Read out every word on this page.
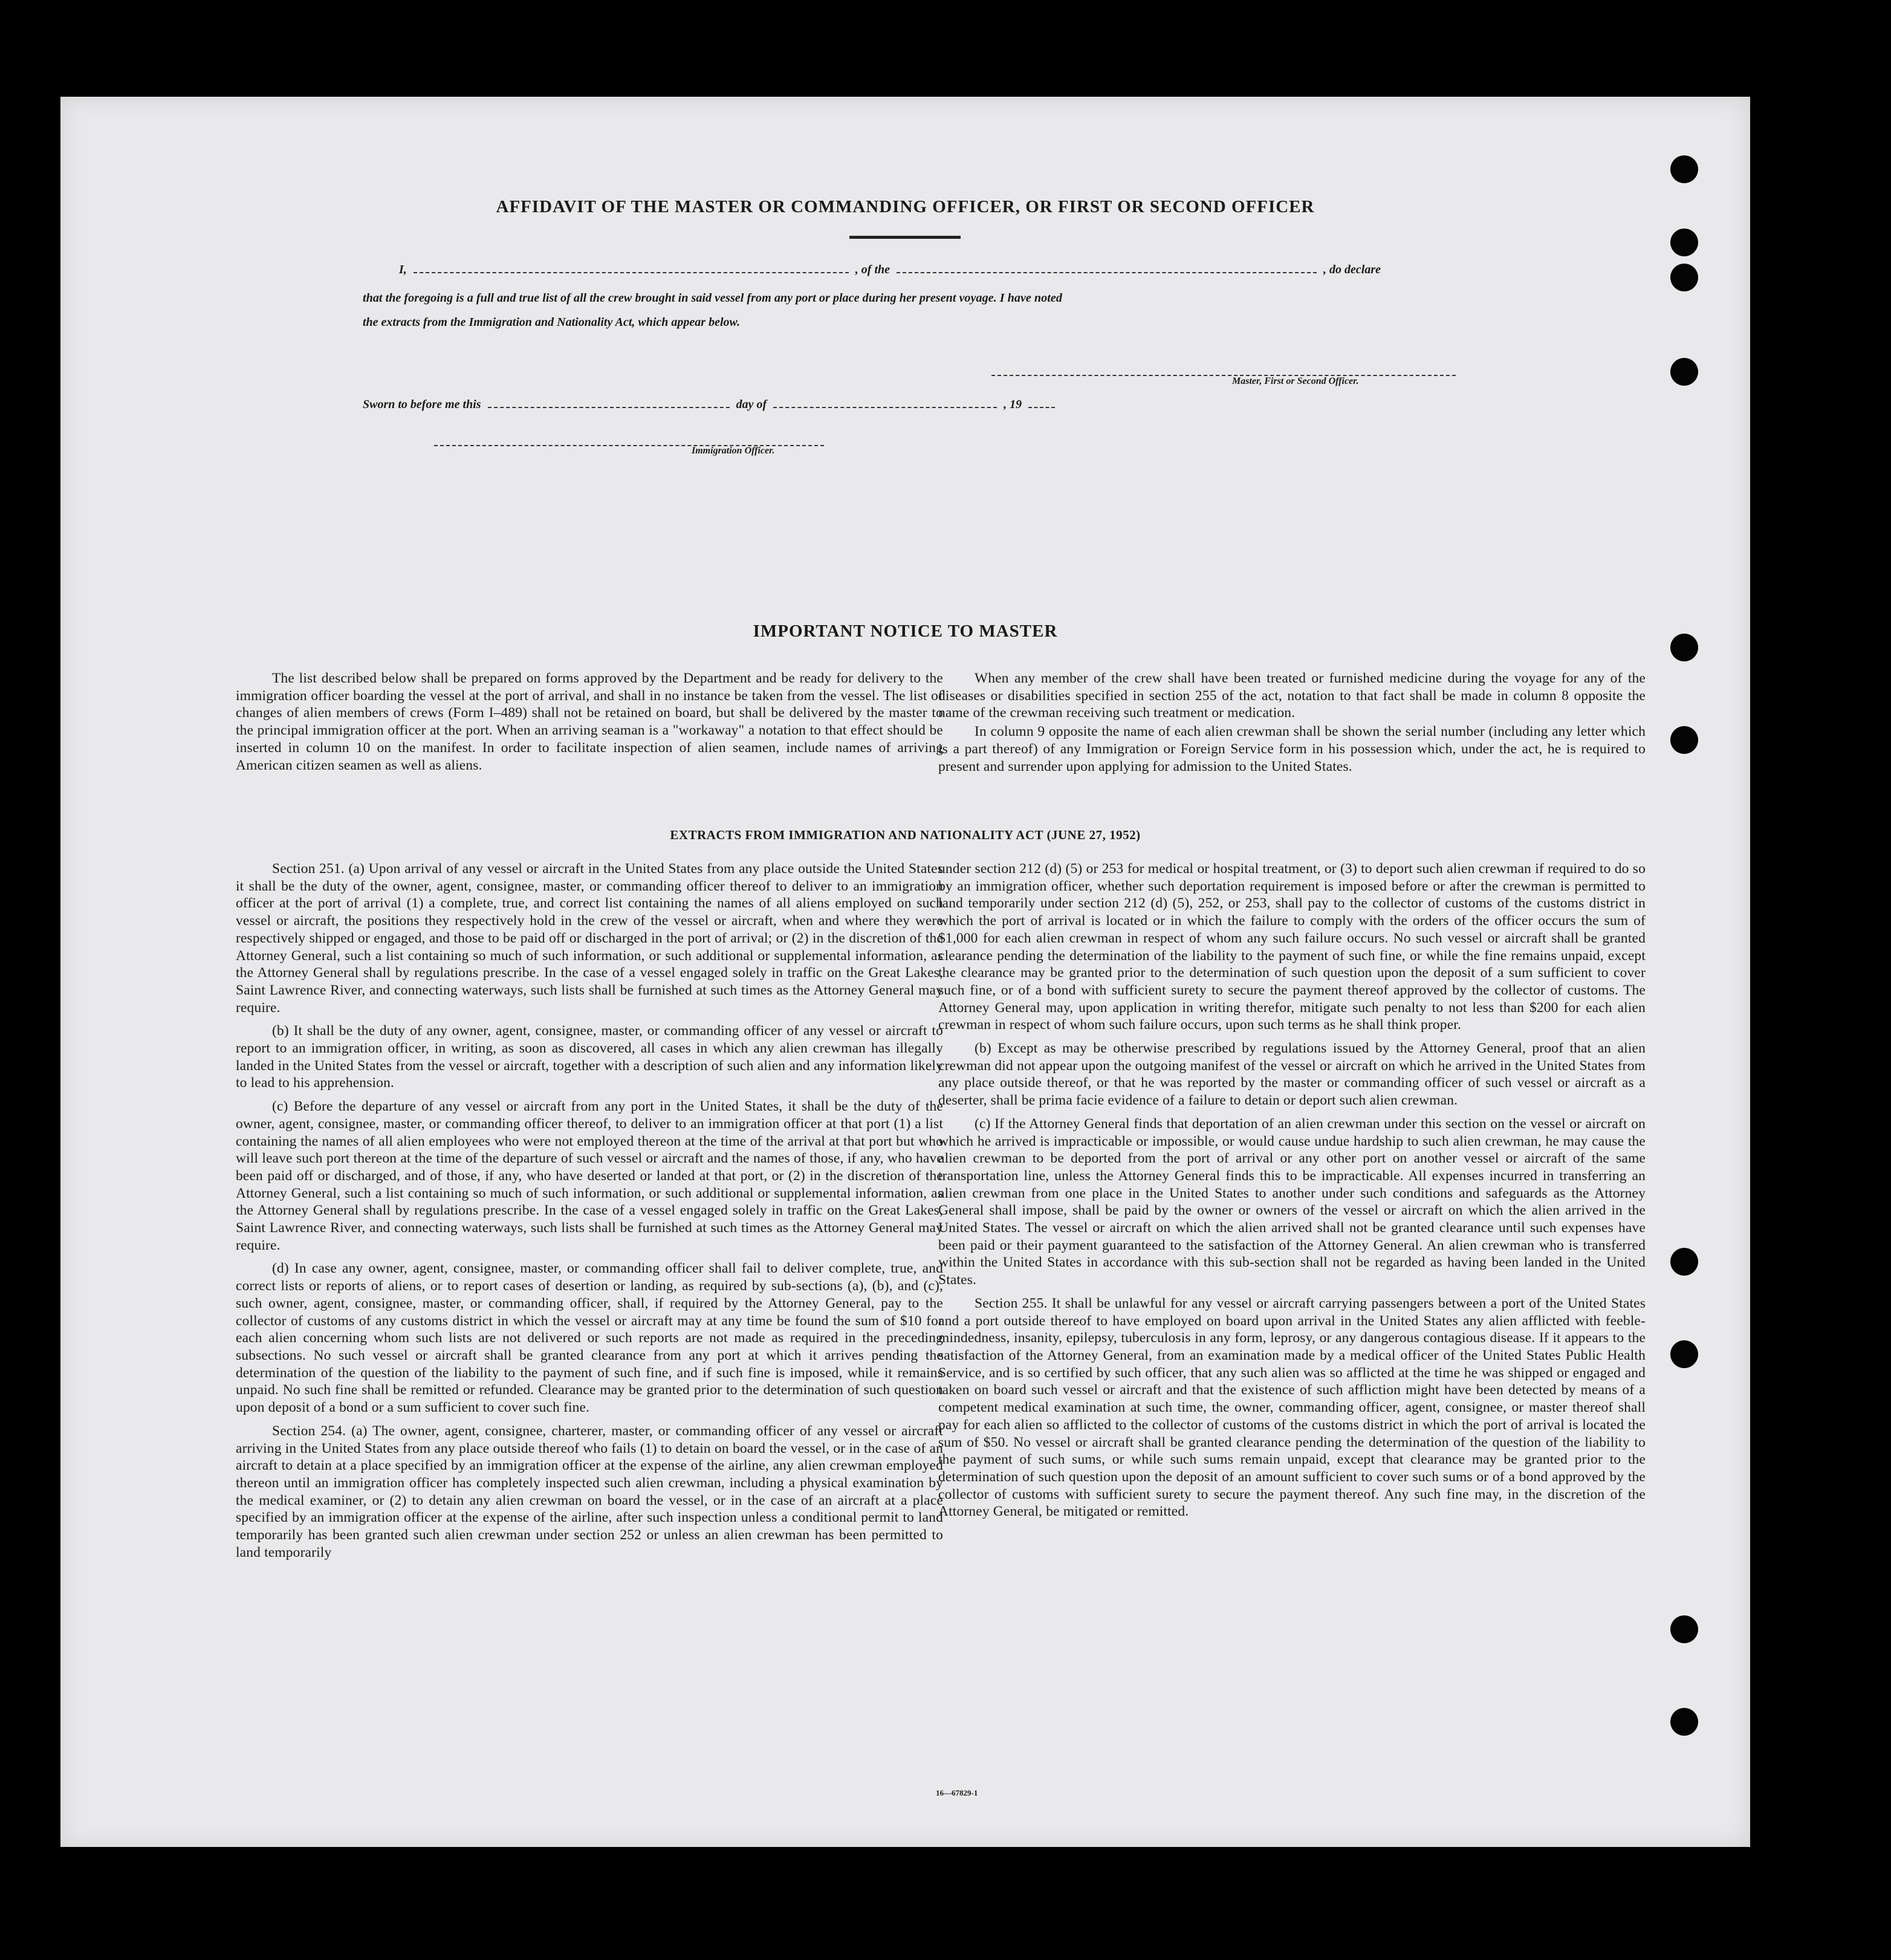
AFFIDAVIT OF THE MASTER OR COMMANDING OFFICER, OR FIRST OR SECOND OFFICER
I,	, of the	, do declare
that the foregoing is a full and true list of all the crew brought in said vessel from any port or place during her present voyage. I have noted
the extracts from the Immigration and Nationality Act, which appear below.
Master, First or Second Officer.
Sworn to before me this	day of	, 19
Immigration Officer.
IMPORTANT NOTICE TO MASTER

The list described below shall be prepared on forms approved by the Department and be ready for delivery to the immigration officer boarding the vessel at the port of arrival, and shall in no instance be taken from the vessel. The list of changes of alien members of crews (Form I–489) shall not be retained on board, but shall be delivered by the master to the principal immigration officer at the port. When an arriving seaman is a "workaway" a notation to that effect should be inserted in column 10 on the manifest. In order to facilitate inspection of alien seamen, include names of arriving American citizen seamen as well as aliens.

When any member of the crew shall have been treated or furnished medicine during the voyage for any of the diseases or disabilities specified in section 255 of the act, notation to that fact shall be made in column 8 opposite the name of the crewman receiving such treatment or medication.

In column 9 opposite the name of each alien crewman shall be shown the serial number (including any letter which is a part thereof) of any Immigration or Foreign Service form in his possession which, under the act, he is required to present and surrender upon applying for admission to the United States.

EXTRACTS FROM IMMIGRATION AND NATIONALITY ACT (JUNE 27, 1952)

Section 251. (a) Upon arrival of any vessel or aircraft in the United States from any place outside the United States it shall be the duty of the owner, agent, consignee, master, or commanding officer thereof to deliver to an immigration officer at the port of arrival (1) a complete, true, and correct list containing the names of all aliens employed on such vessel or aircraft, the positions they respectively hold in the crew of the vessel or aircraft, when and where they were respectively shipped or engaged, and those to be paid off or discharged in the port of arrival; or (2) in the discretion of the Attorney General, such a list containing so much of such information, or such additional or supplemental information, as the Attorney General shall by regulations prescribe. In the case of a vessel engaged solely in traffic on the Great Lakes, Saint Lawrence River, and connecting waterways, such lists shall be furnished at such times as the Attorney General may require.

(b) It shall be the duty of any owner, agent, consignee, master, or commanding officer of any vessel or aircraft to report to an immigration officer, in writing, as soon as discovered, all cases in which any alien crewman has illegally landed in the United States from the vessel or aircraft, together with a description of such alien and any information likely to lead to his apprehension.

(c) Before the departure of any vessel or aircraft from any port in the United States, it shall be the duty of the owner, agent, consignee, master, or commanding officer thereof, to deliver to an immigration officer at that port (1) a list containing the names of all alien employees who were not employed thereon at the time of the arrival at that port but who will leave such port thereon at the time of the departure of such vessel or aircraft and the names of those, if any, who have been paid off or discharged, and of those, if any, who have deserted or landed at that port, or (2) in the discretion of the Attorney General, such a list containing so much of such information, or such additional or supplemental information, as the Attorney General shall by regulations prescribe. In the case of a vessel engaged solely in traffic on the Great Lakes, Saint Lawrence River, and connecting waterways, such lists shall be furnished at such times as the Attorney General may require.

(d) In case any owner, agent, consignee, master, or commanding officer shall fail to deliver complete, true, and correct lists or reports of aliens, or to report cases of desertion or landing, as required by sub-sections (a), (b), and (c), such owner, agent, consignee, master, or commanding officer, shall, if required by the Attorney General, pay to the collector of customs of any customs district in which the vessel or aircraft may at any time be found the sum of $10 for each alien concerning whom such lists are not delivered or such reports are not made as required in the preceding subsections. No such vessel or aircraft shall be granted clearance from any port at which it arrives pending the determination of the question of the liability to the payment of such fine, and if such fine is imposed, while it remains unpaid. No such fine shall be remitted or refunded. Clearance may be granted prior to the determination of such question upon deposit of a bond or a sum sufficient to cover such fine.

Section 254. (a) The owner, agent, consignee, charterer, master, or commanding officer of any vessel or aircraft arriving in the United States from any place outside thereof who fails (1) to detain on board the vessel, or in the case of an aircraft to detain at a place specified by an immigration officer at the expense of the airline, any alien crewman employed thereon until an immigration officer has completely inspected such alien crewman, including a physical examination by the medical examiner, or (2) to detain any alien crewman on board the vessel, or in the case of an aircraft at a place specified by an immigration officer at the expense of the airline, after such inspection unless a conditional permit to land temporarily has been granted such alien crewman under section 252 or unless an alien crewman has been permitted to land temporarily

under section 212 (d) (5) or 253 for medical or hospital treatment, or (3) to deport such alien crewman if required to do so by an immigration officer, whether such deportation requirement is imposed before or after the crewman is permitted to land temporarily under section 212 (d) (5), 252, or 253, shall pay to the collector of customs of the customs district in which the port of arrival is located or in which the failure to comply with the orders of the officer occurs the sum of $1,000 for each alien crewman in respect of whom any such failure occurs. No such vessel or aircraft shall be granted clearance pending the determination of the liability to the payment of such fine, or while the fine remains unpaid, except the clearance may be granted prior to the determination of such question upon the deposit of a sum sufficient to cover such fine, or of a bond with sufficient surety to secure the payment thereof approved by the collector of customs. The Attorney General may, upon application in writing therefor, mitigate such penalty to not less than $200 for each alien crewman in respect of whom such failure occurs, upon such terms as he shall think proper.

(b) Except as may be otherwise prescribed by regulations issued by the Attorney General, proof that an alien crewman did not appear upon the outgoing manifest of the vessel or aircraft on which he arrived in the United States from any place outside thereof, or that he was reported by the master or commanding officer of such vessel or aircraft as a deserter, shall be prima facie evidence of a failure to detain or deport such alien crewman.

(c) If the Attorney General finds that deportation of an alien crewman under this section on the vessel or aircraft on which he arrived is impracticable or impossible, or would cause undue hardship to such alien crewman, he may cause the alien crewman to be deported from the port of arrival or any other port on another vessel or aircraft of the same transportation line, unless the Attorney General finds this to be impracticable. All expenses incurred in transferring an alien crewman from one place in the United States to another under such conditions and safeguards as the Attorney General shall impose, shall be paid by the owner or owners of the vessel or aircraft on which the alien arrived in the United States. The vessel or aircraft on which the alien arrived shall not be granted clearance until such expenses have been paid or their payment guaranteed to the satisfaction of the Attorney General. An alien crewman who is transferred within the United States in accordance with this sub-section shall not be regarded as having been landed in the United States.

Section 255. It shall be unlawful for any vessel or aircraft carrying passengers between a port of the United States and a port outside thereof to have employed on board upon arrival in the United States any alien afflicted with feeble-mindedness, insanity, epilepsy, tuberculosis in any form, leprosy, or any dangerous contagious disease. If it appears to the satisfaction of the Attorney General, from an examination made by a medical officer of the United States Public Health Service, and is so certified by such officer, that any such alien was so afflicted at the time he was shipped or engaged and taken on board such vessel or aircraft and that the existence of such affliction might have been detected by means of a competent medical examination at such time, the owner, commanding officer, agent, consignee, or master thereof shall pay for each alien so afflicted to the collector of customs of the customs district in which the port of arrival is located the sum of $50. No vessel or aircraft shall be granted clearance pending the determination of the question of the liability to the payment of such sums, or while such sums remain unpaid, except that clearance may be granted prior to the determination of such question upon the deposit of an amount sufficient to cover such sums or of a bond approved by the collector of customs with sufficient surety to secure the payment thereof. Any such fine may, in the discretion of the Attorney General, be mitigated or remitted.

16—67829-1
